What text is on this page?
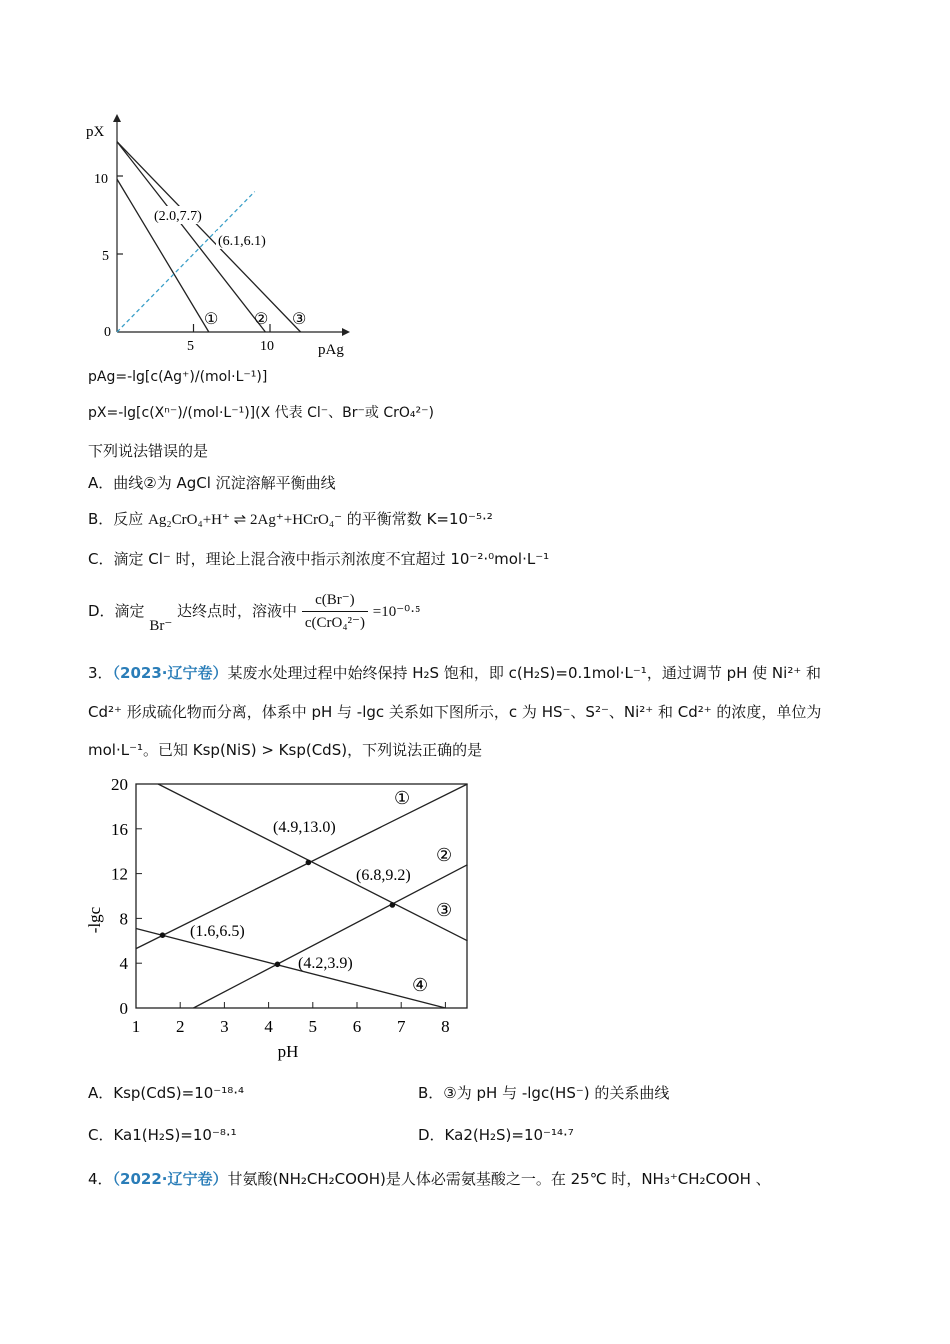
pX
pAg
0
5
10
5	10
(2.0,7.7)
(6.1,6.1)
① ② ③
pAg=-lg[c(Ag⁺)/(mol·L⁻¹)]
pX=-lg[c(Xⁿ⁻)/(mol·L⁻¹)](X 代表 Cl⁻、Br⁻或 CrO₄²⁻)
下列说法错误的是
A．曲线②为 AgCl 沉淀溶解平衡曲线
B．反应 Ag₂CrO₄+H⁺ ⇌ 2Ag⁺+HCrO₄⁻ 的平衡常数 K=10⁻⁵·²
C．滴定 Cl⁻ 时，理论上混合液中指示剂浓度不宜超过 10⁻²·⁰mol·L⁻¹
D．滴定 Br⁻ 达终点时，溶液中 $\frac{c(Br^-)}{\text{c(CrO₄²⁻)}} =10^{-0}\cdot^5$
3．（2023·辽宁卷）某废水处理过程中始终保持 H₂S 饱和，即 c(H₂S)=0.1mol·L⁻¹，通过调节 pH 使 Ni²⁺ 和
Cd²⁺ 形成硫化物而分离，体系中 pH 与 -lgc 关系如下图所示，c 为 HS⁻、S²⁻、Ni²⁺ 和 Cd²⁺ 的浓度，单位为
mol·L⁻¹。已知 Ksp(NiS) > Ksp(CdS)，下列说法正确的是
1 2 3 4 5 6 7 8
0
4
8
12
16
20
-lgc
pH
(4.9,13.0)
(6.8,9.2)
(1.6,6.5)
(4.2,3.9)
①
②
③
④
A．Ksp(CdS)=10⁻¹⁸·⁴	B．③为 pH 与 -lgc(HS⁻) 的关系曲线
C．Ka1(H₂S)=10⁻⁸·¹	D．Ka2(H₂S)=10⁻¹⁴·⁷
4．（2022·辽宁卷）甘氨酸(NH₂CH₂COOH)是人体必需氨基酸之一。在 25℃ 时，NH₃⁺CH₂COOH 、
